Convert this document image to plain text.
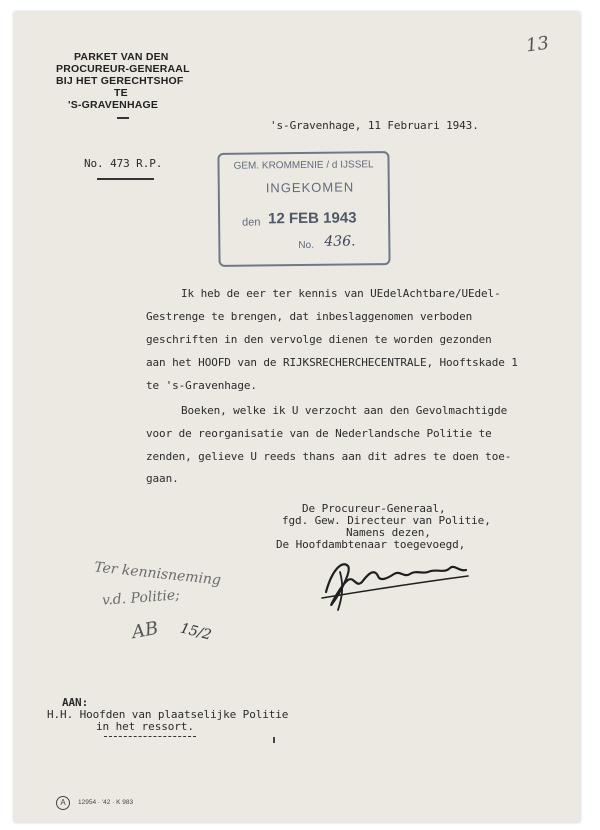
PARKET VAN DEN
PROCUREUR-GENERAAL
BIJ HET GERECHTSHOF
TE
'S-GRAVENHAGE
13
's-Gravenhage, 11 Februari 1943.
No. 473 R.P.	GEM. KROMMENIE / d IJSSEL
INGEKOMEN
den 12 FEB 1943
No. 436.
Ik heb de eer ter kennis van UEdelAchtbare/UEdel-
Gestrenge te brengen, dat inbeslaggenomen verboden
geschriften in den vervolge dienen te worden gezonden
aan het HOOFD van de RIJKSRECHERCHECENTRALE, Hooftskade 1
te 's-Gravenhage.
Boeken, welke ik U verzocht aan den Gevolmachtigde
voor de reorganisatie van de Nederlandsche Politie te
zenden, gelieve U reeds thans aan dit adres te doen toe-
gaan.
De Procureur-Generaal,
fgd. Gew. Directeur van Politie,
Namens dezen,
De Hoofdambtenaar toegevoegd,
Ter kennisneming
v.d. Politie;
AB 15/2
AAN:
H.H. Hoofden van plaatselijke Politie
in het ressort.
A	12954 · '42 · K 983
